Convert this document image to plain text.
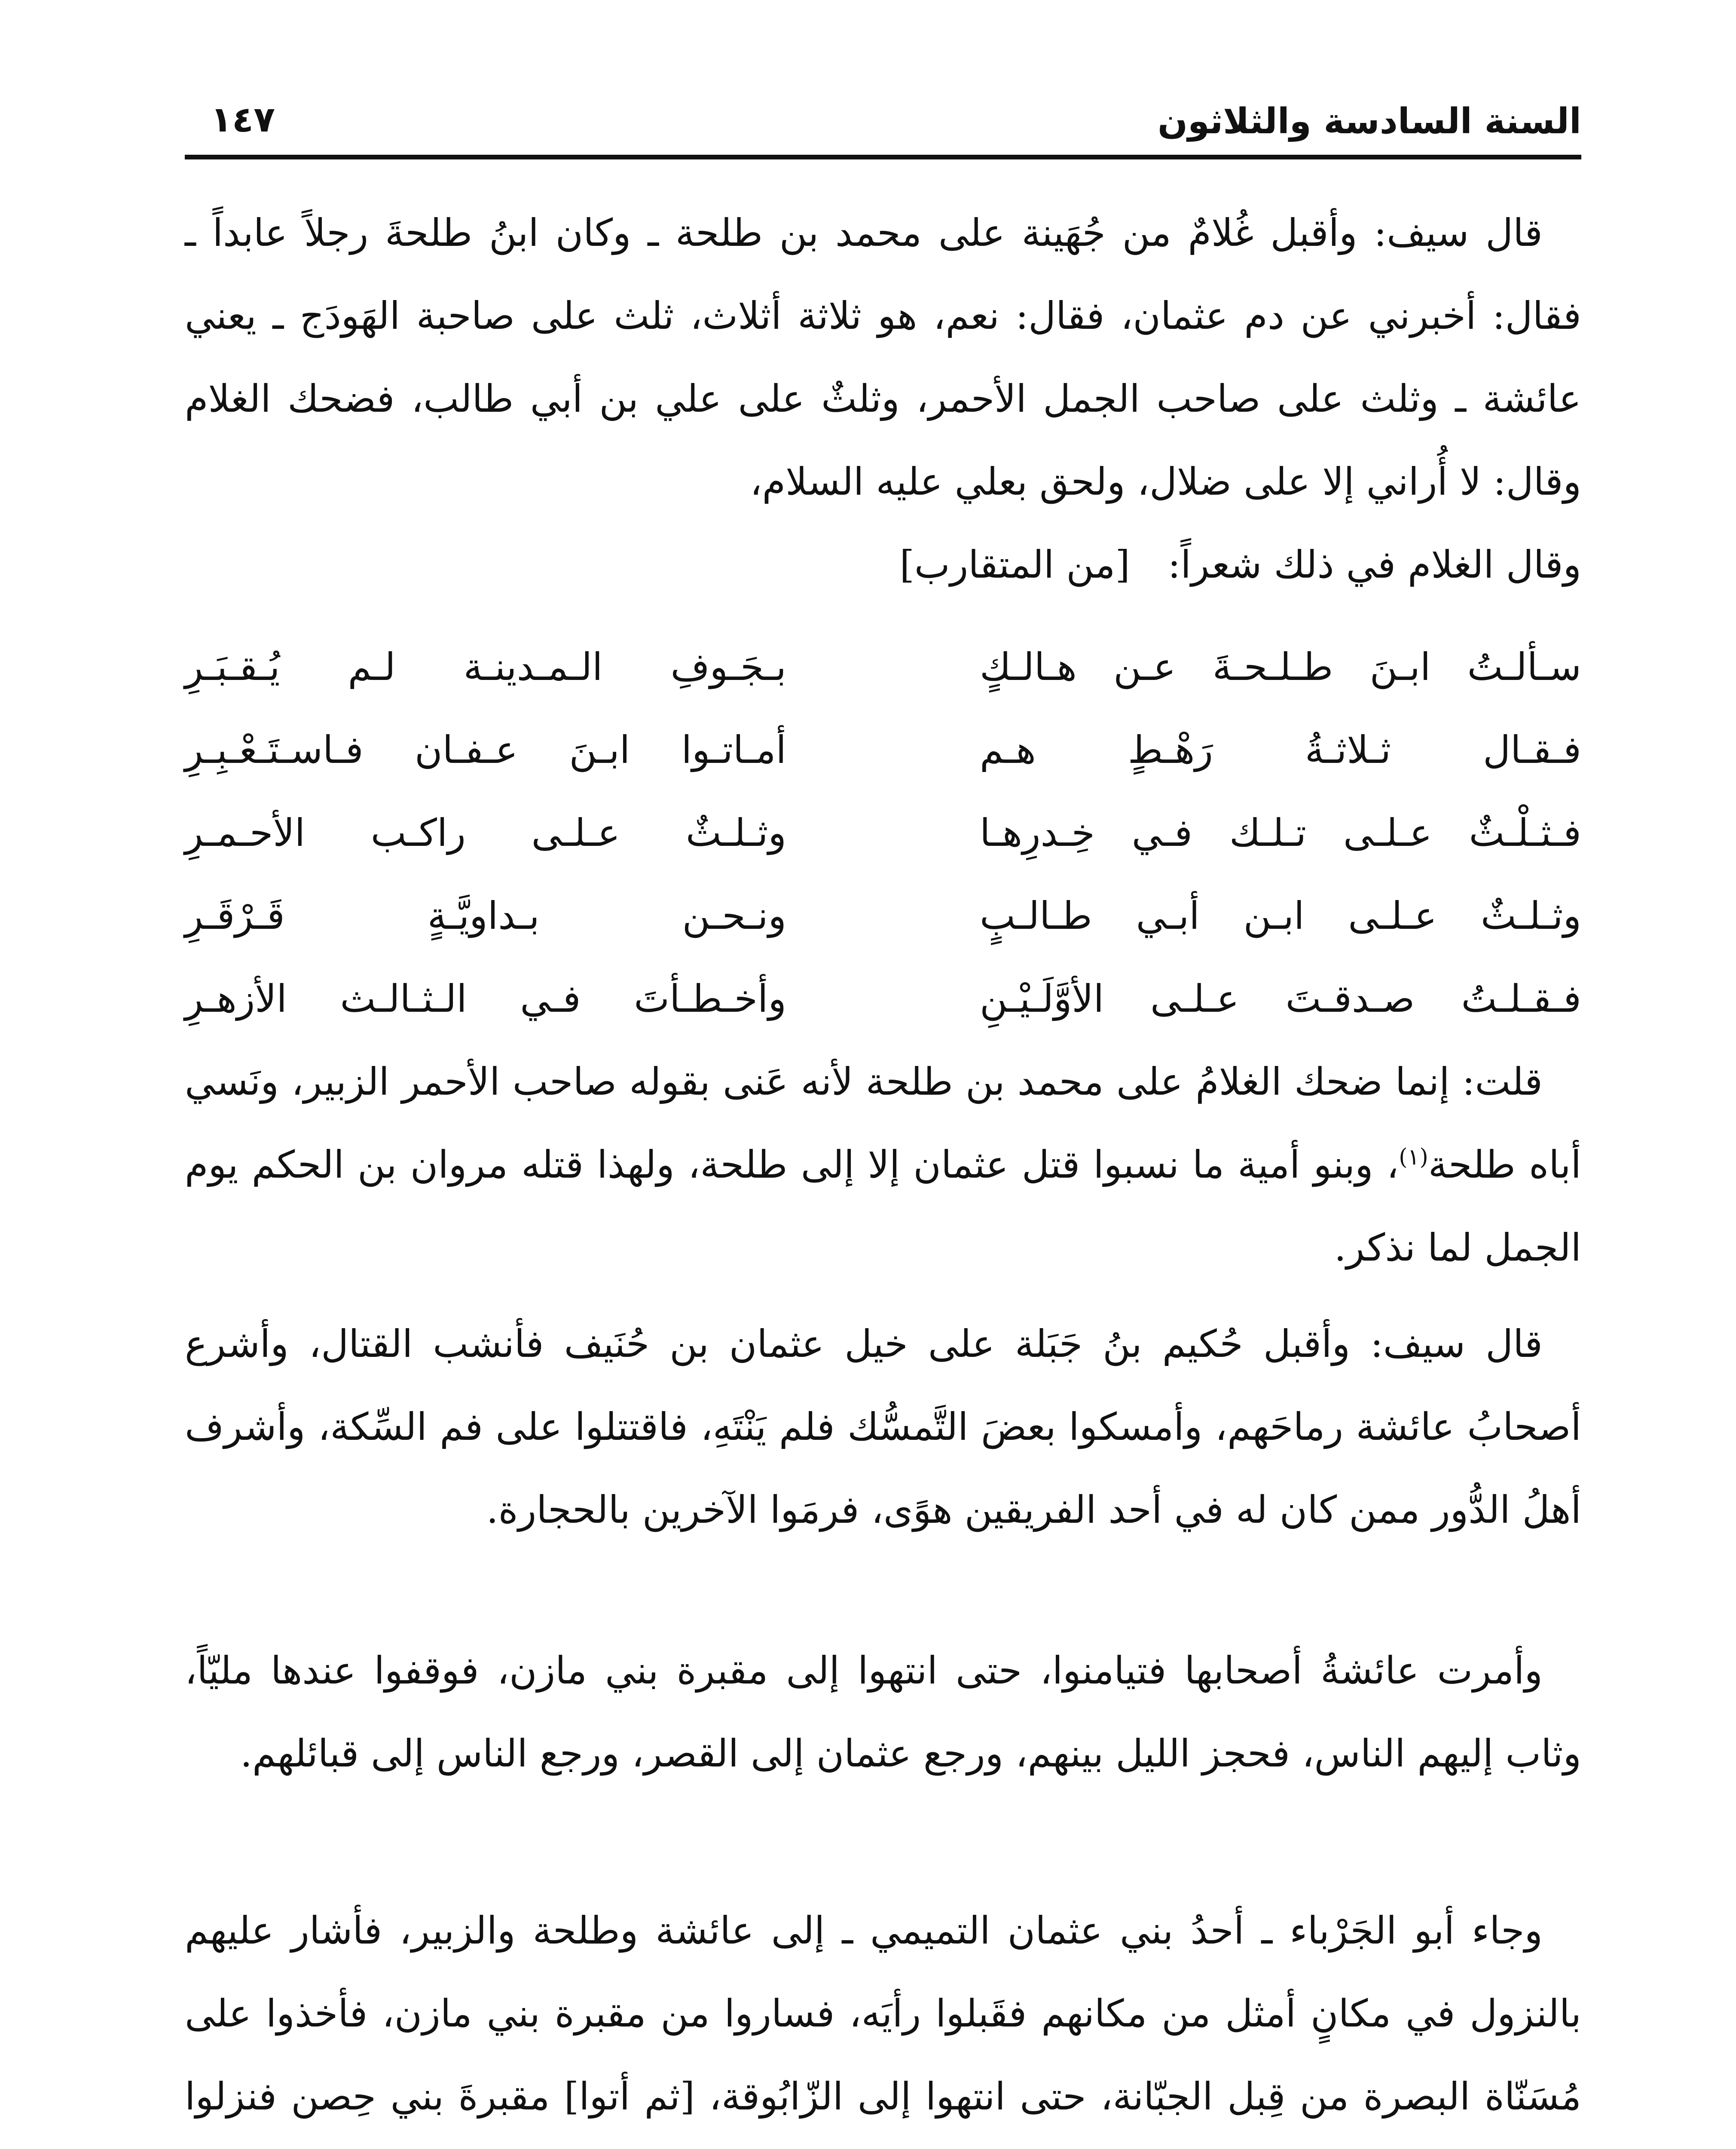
السنة السادسة والثلاثون
١٤٧

قال سيف: وأقبل غُلامٌ من جُهَينة على محمد بن طلحة ـ وكان ابنُ طلحةَ رجلاً عابداً ـ فقال: أخبرني عن دم عثمان، فقال: نعم، هو ثلاثة أثلاث، ثلث على صاحبة الهَودَج ـ يعني عائشة ـ وثلث على صاحب الجمل الأحمر، وثلثٌ على علي بن أبي طالب، فضحك الغلام وقال: لا أُراني إلا على ضلال، ولحق بعلي عليه السلام،

وقال الغلام في ذلك شعراً: [من المتقارب]

سـألـتُ ابـنَ طـلـحـةَ عـن هـالـكٍ
بـجَـوفِ الـمـدينـة لـم يُـقـبَـرِ
فـقـال ثـلاثـةُ رَهْـطٍ هـم
أمـاتـوا ابـنَ عـفـان فـاسـتَـعْـبِـرِ
فـثـلْـثٌ عـلـى تـلـك فـي خِـدرِهـا
وثـلـثٌ عـلـى راكـب الأحـمـرِ
وثـلـثٌ عـلـى ابـن أبـي طـالـبٍ
ونـحـن بـداويَّـةٍ قَـرْقَـرِ
فـقـلـتُ صـدقـتَ عـلـى الأوَّلَـيْـنِ
وأخـطـأتَ فـي الـثـالـث الأزهـرِ

قلت: إنما ضحك الغلامُ على محمد بن طلحة لأنه عَنى بقوله صاحب الأحمر الزبير، ونَسي أباه طلحة$^{(١)}$، وبنو أمية ما نسبوا قتل عثمان إلا إلى طلحة، ولهذا قتله مروان بن الحكم يوم الجمل لما نذكر.

قال سيف: وأقبل حُكيم بنُ جَبَلة على خيل عثمان بن حُنَيف فأنشب القتال، وأشرع أصحابُ عائشة رماحَهم، وأمسكوا بعضَ التَّمسُّك فلم يَنْتَهِ، فاقتتلوا على فم السِّكة، وأشرف أهلُ الدُّور ممن كان له في أحد الفريقين هوًى، فرمَوا الآخرين بالحجارة.

وأمرت عائشةُ أصحابها فتيامنوا، حتى انتهوا إلى مقبرة بني مازن، فوقفوا عندها مليّاً، وثاب إليهم الناس، فحجز الليل بينهم، ورجع عثمان إلى القصر، ورجع الناس إلى قبائلهم.

وجاء أبو الجَرْباء ـ أحدُ بني عثمان التميمي ـ إلى عائشة وطلحة والزبير، فأشار عليهم بالنزول في مكانٍ أمثل من مكانهم فقَبلوا رأيَه، فساروا من مقبرة بني مازن، فأخذوا على مُسَنّاة البصرة من قِبل الجبّانة، حتى انتهوا إلى الزّابُوقة، [ثم أتوا] مقبرةَ بني حِصن فنزلوا
